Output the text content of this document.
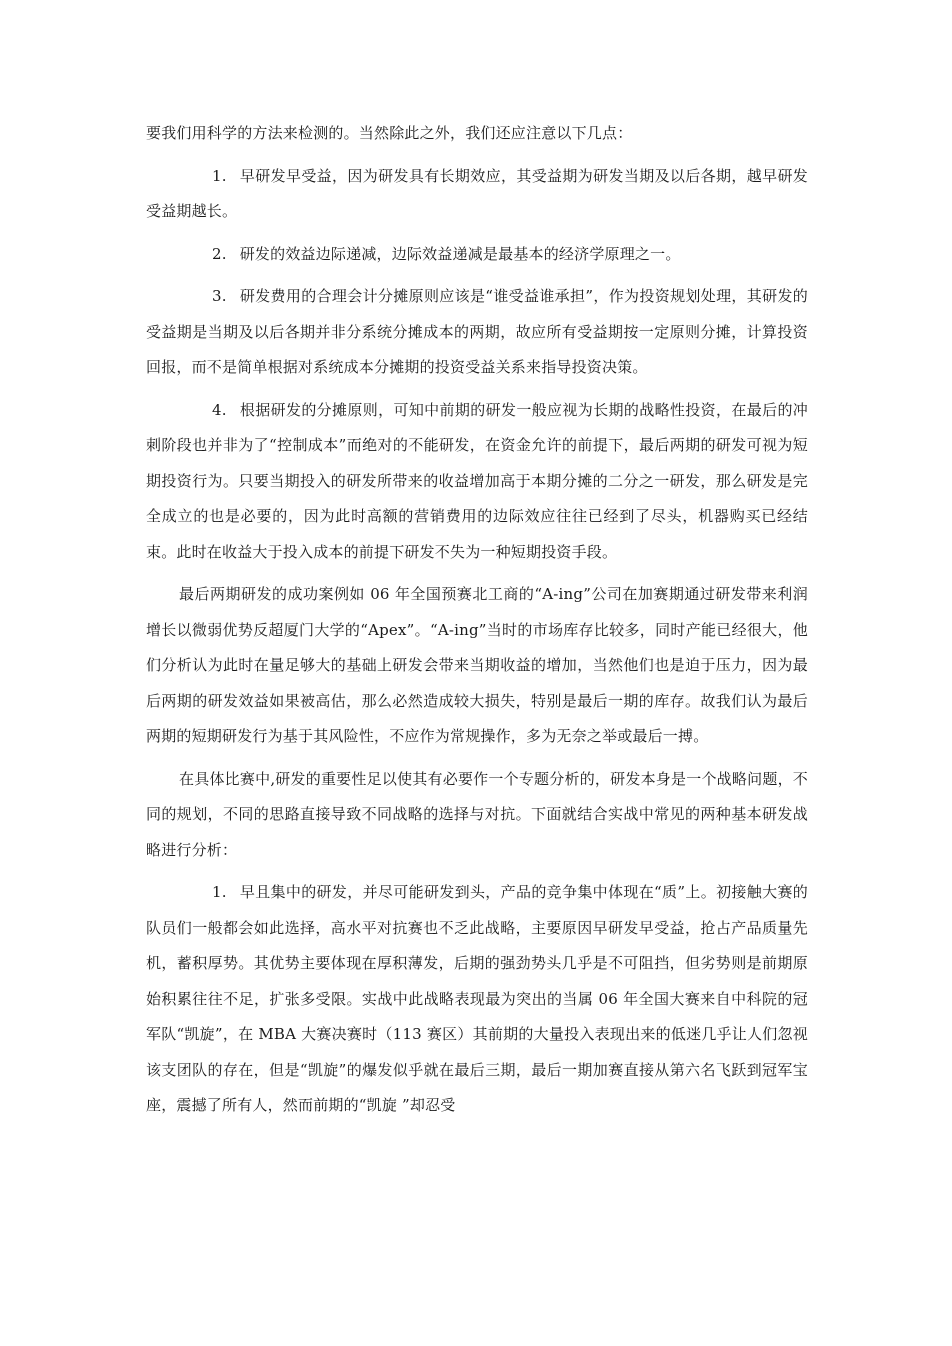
要我们用科学的方法来检测的。当然除此之外，我们还应注意以下几点：

1. 早研发早受益，因为研发具有长期效应，其受益期为研发当期及以后各期，越早研发受益期越长。

2. 研发的效益边际递减，边际效益递减是最基本的经济学原理之一。

3. 研发费用的合理会计分摊原则应该是“谁受益谁承担”，作为投资规划处理，其研发的受益期是当期及以后各期并非分系统分摊成本的两期，故应所有受益期按一定原则分摊，计算投资回报，而不是简单根据对系统成本分摊期的投资受益关系来指导投资决策。

4. 根据研发的分摊原则，可知中前期的研发一般应视为长期的战略性投资，在最后的冲刺阶段也并非为了“控制成本”而绝对的不能研发，在资金允许的前提下，最后两期的研发可视为短期投资行为。只要当期投入的研发所带来的收益增加高于本期分摊的二分之一研发，那么研发是完全成立的也是必要的，因为此时高额的营销费用的边际效应往往已经到了尽头，机器购买已经结束。此时在收益大于投入成本的前提下研发不失为一种短期投资手段。

最后两期研发的成功案例如 06 年全国预赛北工商的“A-ing”公司在加赛期通过研发带来利润增长以微弱优势反超厦门大学的“Apex”。“A-ing”当时的市场库存比较多，同时产能已经很大，他们分析认为此时在量足够大的基础上研发会带来当期收益的增加，当然他们也是迫于压力，因为最后两期的研发效益如果被高估，那么必然造成较大损失，特别是最后一期的库存。故我们认为最后两期的短期研发行为基于其风险性，不应作为常规操作，多为无奈之举或最后一搏。

在具体比赛中,研发的重要性足以使其有必要作一个专题分析的，研发本身是一个战略问题，不同的规划，不同的思路直接导致不同战略的选择与对抗。下面就结合实战中常见的两种基本研发战略进行分析：

1. 早且集中的研发，并尽可能研发到头，产品的竞争集中体现在“质”上。初接触大赛的队员们一般都会如此选择，高水平对抗赛也不乏此战略，主要原因早研发早受益，抢占产品质量先机，蓄积厚势。其优势主要体现在厚积薄发，后期的强劲势头几乎是不可阻挡，但劣势则是前期原始积累往往不足，扩张多受限。实战中此战略表现最为突出的当属 06 年全国大赛来自中科院的冠军队“凯旋”，在 MBA 大赛决赛时（113 赛区）其前期的大量投入表现出来的低迷几乎让人们忽视该支团队的存在，但是“凯旋”的爆发似乎就在最后三期，最后一期加赛直接从第六名飞跃到冠军宝座，震撼了所有人，然而前期的“凯旋 ”却忍受
